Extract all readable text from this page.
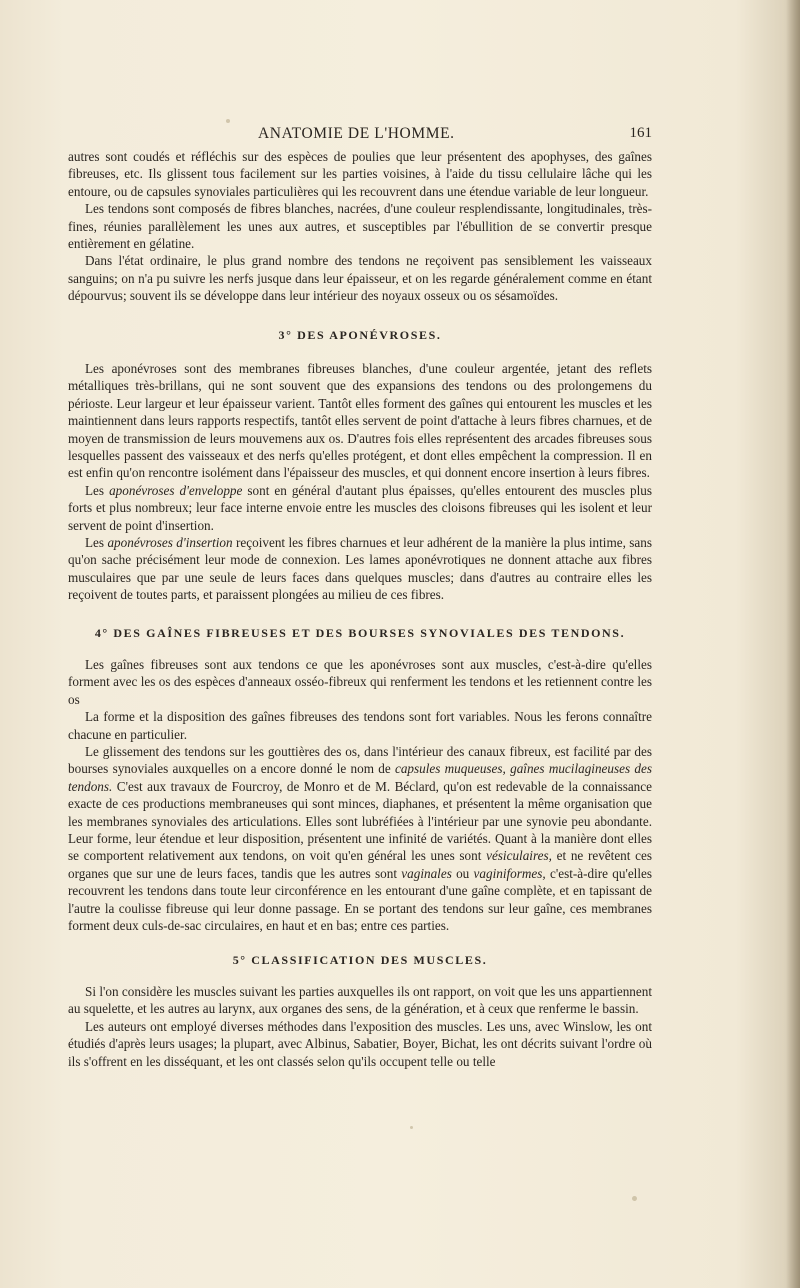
ANATOMIE DE L'HOMME.	161

autres sont coudés et réfléchis sur des espèces de poulies que leur présentent des apophyses, des gaînes fibreuses, etc. Ils glissent tous facilement sur les parties voisines, à l'aide du tissu cellulaire lâche qui les entoure, ou de capsules synoviales particulières qui les recouvrent dans une étendue variable de leur longueur.

Les tendons sont composés de fibres blanches, nacrées, d'une couleur resplendissante, longitudinales, très-fines, réunies parallèlement les unes aux autres, et susceptibles par l'ébullition de se convertir presque entièrement en gélatine.

Dans l'état ordinaire, le plus grand nombre des tendons ne reçoivent pas sensiblement les vaisseaux sanguins; on n'a pu suivre les nerfs jusque dans leur épaisseur, et on les regarde généralement comme en étant dépourvus; souvent ils se développe dans leur intérieur des noyaux osseux ou os sésamoïdes.

3° DES APONÉVROSES.

Les aponévroses sont des membranes fibreuses blanches, d'une couleur argentée, jetant des reflets métalliques très-brillans, qui ne sont souvent que des expansions des tendons ou des prolongemens du périoste. Leur largeur et leur épaisseur varient. Tantôt elles forment des gaînes qui entourent les muscles et les maintiennent dans leurs rapports respectifs, tantôt elles servent de point d'attache à leurs fibres charnues, et de moyen de transmission de leurs mouvemens aux os. D'autres fois elles représentent des arcades fibreuses sous lesquelles passent des vaisseaux et des nerfs qu'elles protégent, et dont elles empêchent la compression. Il en est enfin qu'on rencontre isolément dans l'épaisseur des muscles, et qui donnent encore insertion à leurs fibres.

Les aponévroses d'enveloppe sont en général d'autant plus épaisses, qu'elles entourent des muscles plus forts et plus nombreux; leur face interne envoie entre les muscles des cloisons fibreuses qui les isolent et leur servent de point d'insertion.

Les aponévroses d'insertion reçoivent les fibres charnues et leur adhérent de la manière la plus intime, sans qu'on sache précisément leur mode de connexion. Les lames aponévrotiques ne donnent attache aux fibres musculaires que par une seule de leurs faces dans quelques muscles; dans d'autres au contraire elles les reçoivent de toutes parts, et paraissent plongées au milieu de ces fibres.

4° DES GAÎNES FIBREUSES ET DES BOURSES SYNOVIALES DES TENDONS.

Les gaînes fibreuses sont aux tendons ce que les aponévroses sont aux muscles, c'est-à-dire qu'elles forment avec les os des espèces d'anneaux osséo-fibreux qui renferment les tendons et les retiennent contre les os

La forme et la disposition des gaînes fibreuses des tendons sont fort variables. Nous les ferons connaître chacune en particulier.

Le glissement des tendons sur les gouttières des os, dans l'intérieur des canaux fibreux, est facilité par des bourses synoviales auxquelles on a encore donné le nom de capsules muqueuses, gaînes mucilagineuses des tendons. C'est aux travaux de Fourcroy, de Monro et de M. Béclard, qu'on est redevable de la connaissance exacte de ces productions membraneuses qui sont minces, diaphanes, et présentent la même organisation que les membranes synoviales des articulations. Elles sont lubréfiées à l'intérieur par une synovie peu abondante. Leur forme, leur étendue et leur disposition, présentent une infinité de variétés. Quant à la manière dont elles se comportent relativement aux tendons, on voit qu'en général les unes sont vésiculaires, et ne revêtent ces organes que sur une de leurs faces, tandis que les autres sont vaginales ou vaginiformes, c'est-à-dire qu'elles recouvrent les tendons dans toute leur circonférence en les entourant d'une gaîne complète, et en tapissant de l'autre la coulisse fibreuse qui leur donne passage. En se portant des tendons sur leur gaîne, ces membranes forment deux culs-de-sac circulaires, en haut et en bas; entre ces parties.

5° CLASSIFICATION DES MUSCLES.

Si l'on considère les muscles suivant les parties auxquelles ils ont rapport, on voit que les uns appartiennent au squelette, et les autres au larynx, aux organes des sens, de la génération, et à ceux que renferme le bassin.

Les auteurs ont employé diverses méthodes dans l'exposition des muscles. Les uns, avec Winslow, les ont étudiés d'après leurs usages; la plupart, avec Albinus, Sabatier, Boyer, Bichat, les ont décrits suivant l'ordre où ils s'offrent en les disséquant, et les ont classés selon qu'ils occupent telle ou telle
